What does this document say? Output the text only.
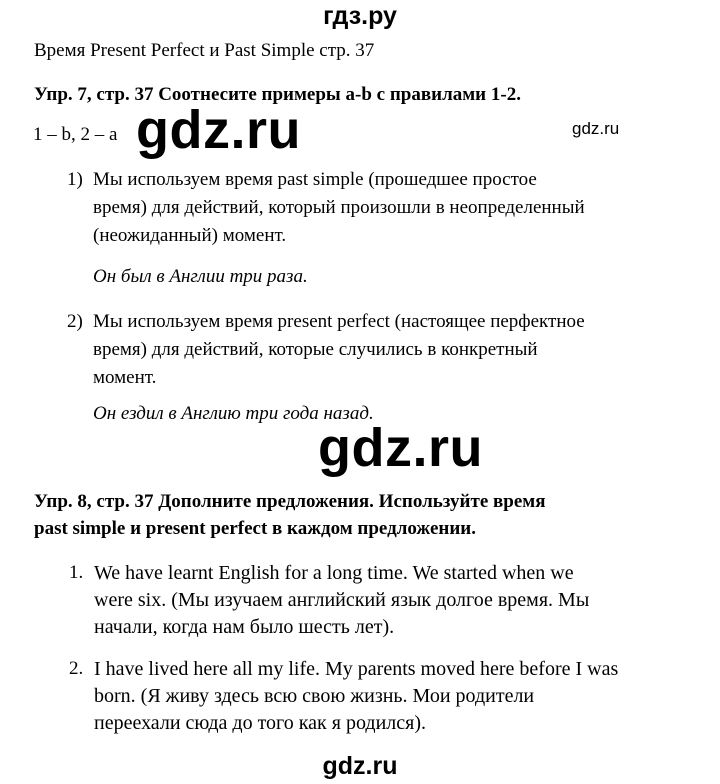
гдз.ру
Время Present Perfect и Past Simple стр. 37
Упр. 7, стр. 37 Соотнесите примеры a-b с правилами 1-2.
1 – b, 2 – a gdz.ru	gdz.ru
1) Мы используем время past simple (прошедшее простое
время) для действий, который произошли в неопределенный
(неожиданный) момент.
Он был в Англии три раза.
2) Мы используем время present perfect (настоящее перфектное
время) для действий, которые случились в конкретный
момент.
Он ездил в Англию три года назад.
gdz.ru
Упр. 8, стр. 37 Дополните предложения. Используйте время
past simple и present perfect в каждом предложении.
1. We have learnt English for a long time. We started when we
were six. (Мы изучаем английский язык долгое время. Мы
начали, когда нам было шесть лет).
2. I have lived here all my life. My parents moved here before I was
born. (Я живу здесь всю свою жизнь. Мои родители
переехали сюда до того как я родился).
gdz.ru
